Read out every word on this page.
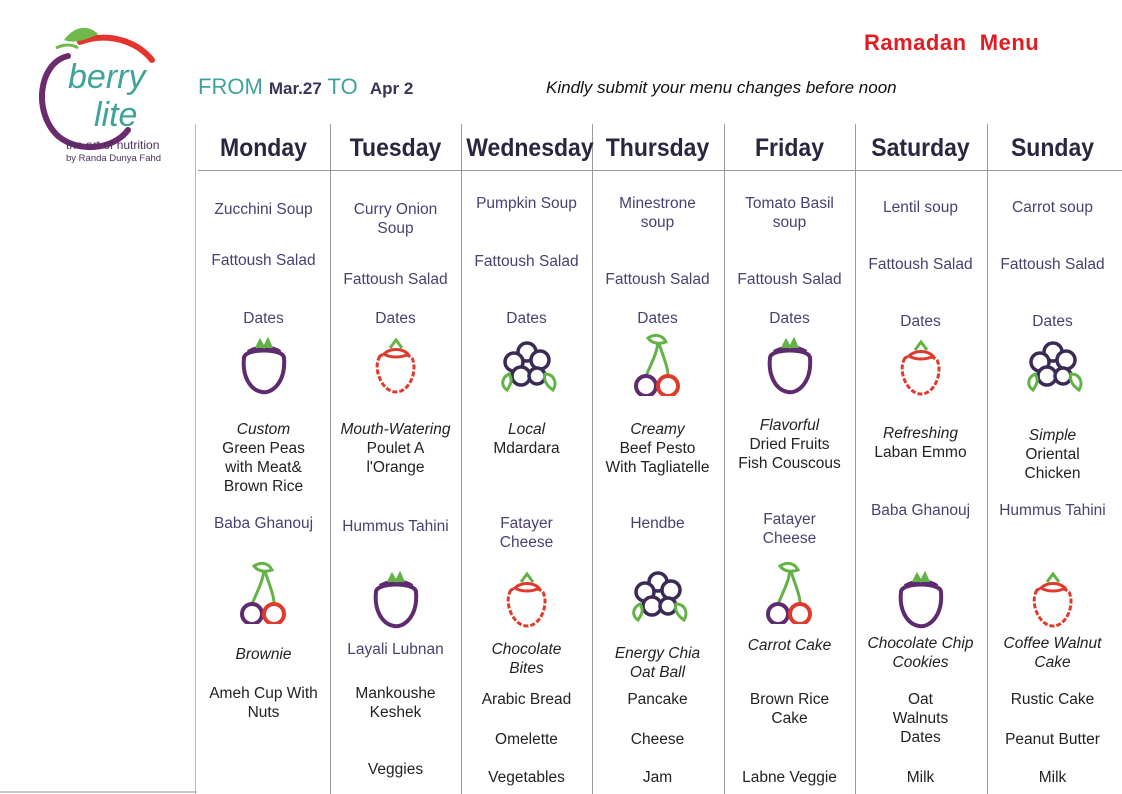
berry
lite
the art of nutrition
by Randa Dunya Fahd
FROM Mar.27 TO Apr 2
Ramadan  Menu
Kindly submit your menu changes before noon
Monday
Zucchini Soup
Fattoush Salad
Dates
Custom
Green Peas
with Meat&
Brown Rice
Baba Ghanouj
Brownie
Ameh Cup With
Nuts
Tuesday
Curry Onion
Soup
Fattoush Salad
Dates
Mouth-Watering
Poulet A
l'Orange
Hummus Tahini
Layali Lubnan
Mankoushe
Keshek
Veggies
Wednesday
Pumpkin Soup
Fattoush Salad
Dates
Local
Mdardara
Fatayer
Cheese
Chocolate
Bites
Arabic Bread
Omelette
Vegetables
Thursday
Minestrone
soup
Fattoush Salad
Dates
Creamy
Beef Pesto
With Tagliatelle
Hendbe
Energy Chia
Oat Ball
Pancake
Cheese
Jam
Friday
Tomato Basil
soup
Fattoush Salad
Dates
Flavorful
Dried Fruits
Fish Couscous
Fatayer
Cheese
Carrot Cake
Brown Rice
Cake
Labne Veggie
Saturday
Lentil soup
Fattoush Salad
Dates
Refreshing
Laban Emmo
Baba Ghanouj
Chocolate Chip
Cookies
Oat
Walnuts
Dates
Milk
Sunday
Carrot soup
Fattoush Salad
Dates
Simple
Oriental
Chicken
Hummus Tahini
Coffee Walnut
Cake
Rustic Cake
Peanut Butter
Milk
